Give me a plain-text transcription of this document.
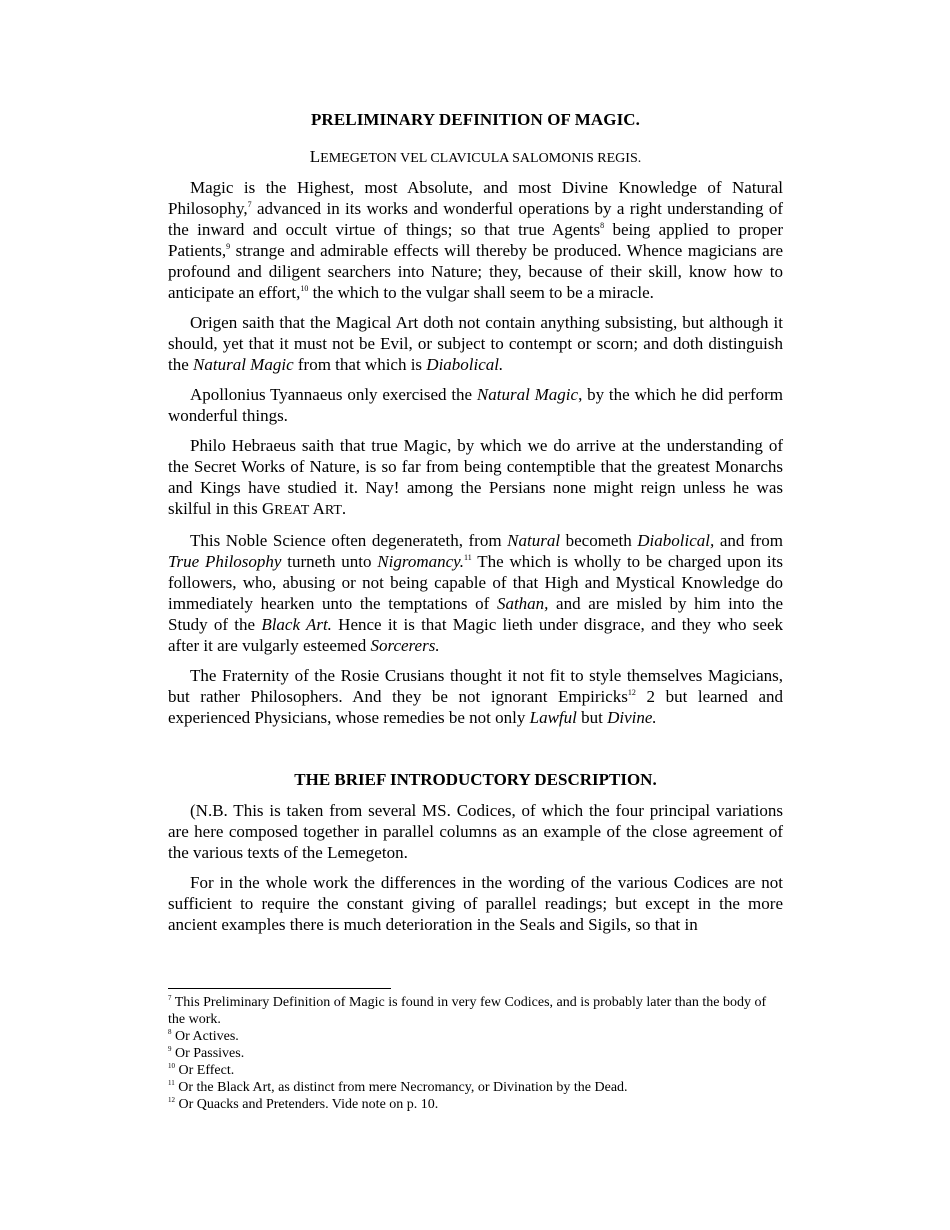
PRELIMINARY DEFINITION OF MAGIC.
LEMEGETON VEL CLAVICULA SALOMONIS REGIS.

Magic is the Highest, most Absolute, and most Divine Knowledge of Natural Philosophy,$^7$ advanced in its works and wonderful operations by a right understanding of the inward and occult virtue of things; so that true Agents$^8$ being applied to proper Patients,$^9$ strange and admirable effects will thereby be produced. Whence magicians are profound and diligent searchers into Nature; they, because of their skill, know how to anticipate an effort,$^{10}$ the which to the vulgar shall seem to be a miracle.

Origen saith that the Magical Art doth not contain anything subsisting, but although it should, yet that it must not be Evil, or subject to contempt or scorn; and doth distinguish the Natural Magic from that which is Diabolical.

Apollonius Tyannaeus only exercised the Natural Magic, by the which he did perform wonderful things.

Philo Hebraeus saith that true Magic, by which we do arrive at the understanding of the Secret Works of Nature, is so far from being contemptible that the greatest Monarchs and Kings have studied it. Nay! among the Persians none might reign unless he was skilful in this GREAT ART.

This Noble Science often degenerateth, from Natural becometh Diabolical, and from True Philosophy turneth unto Nigromancy.$^{11}$ The which is wholly to be charged upon its followers, who, abusing or not being capable of that High and Mystical Knowledge do immediately hearken unto the temptations of Sathan, and are misled by him into the Study of the Black Art. Hence it is that Magic lieth under disgrace, and they who seek after it are vulgarly esteemed Sorcerers.

The Fraternity of the Rosie Crusians thought it not fit to style themselves Magicians, but rather Philosophers. And they be not ignorant Empiricks$^{12}$ 2 but learned and experienced Physicians, whose remedies be not only Lawful but Divine.

THE BRIEF INTRODUCTORY DESCRIPTION.

(N.B. This is taken from several MS. Codices, of which the four principal variations are here composed together in parallel columns as an example of the close agreement of the various texts of the Lemegeton.

For in the whole work the differences in the wording of the various Codices are not sufficient to require the constant giving of parallel readings; but except in the more ancient examples there is much deterioration in the Seals and Sigils, so that in

$^7$ This Preliminary Definition of Magic is found in very few Codices, and is probably later than the body of the work.
$^8$ Or Actives.
$^9$ Or Passives.
$^{10}$ Or Effect.
$^{11}$ Or the Black Art, as distinct from mere Necromancy, or Divination by the Dead.
$^{12}$ Or Quacks and Pretenders. Vide note on p. 10.
